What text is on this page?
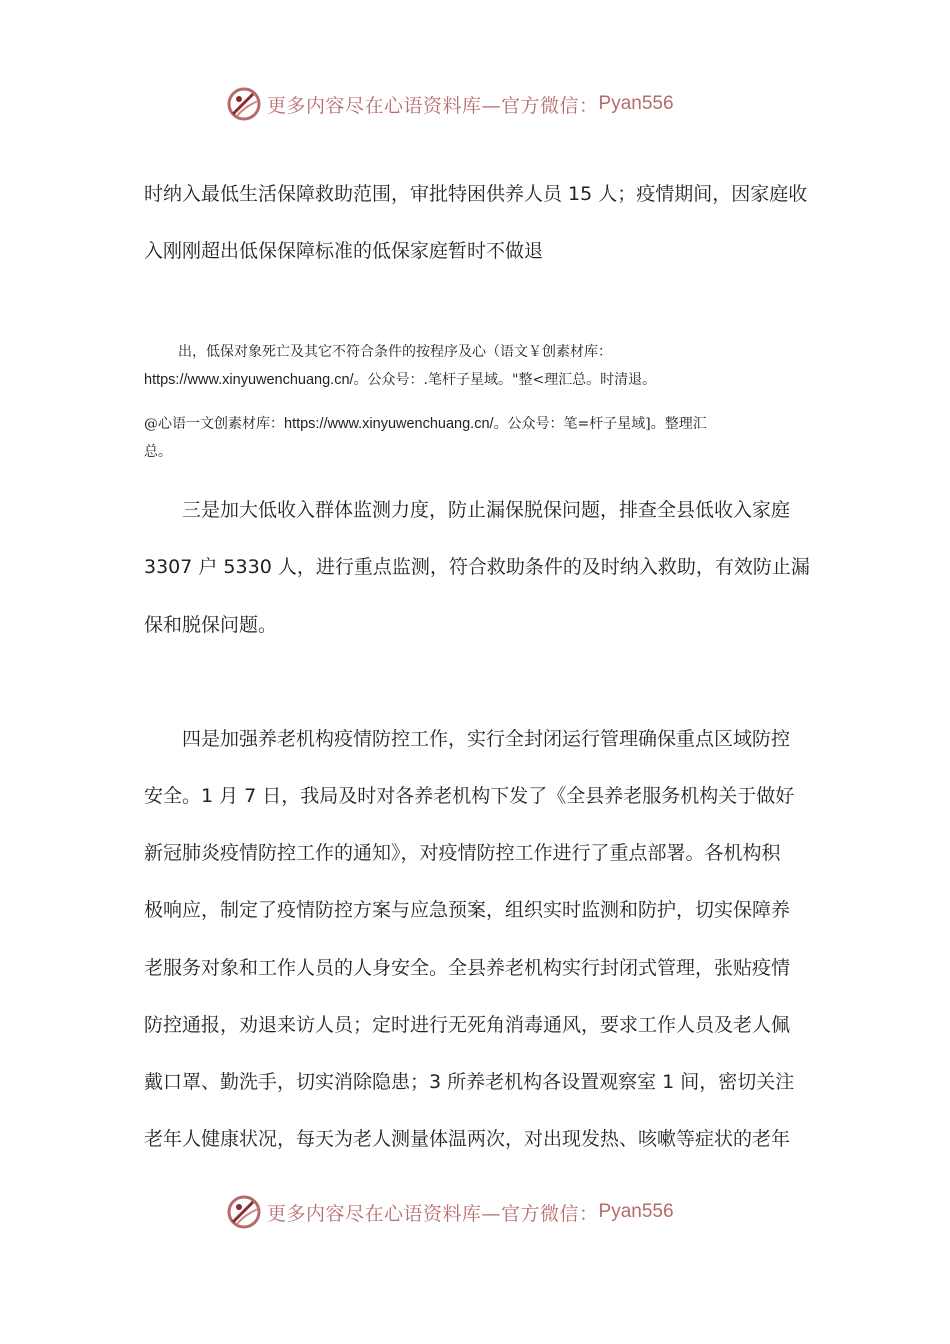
更多内容尽在心语资料库—官方微信： Pyan556
时纳入最低生活保障救助范围，审批特困供养人员 15 人；疫情期间，因家庭收
入刚刚超出低保保障标准的低保家庭暂时不做退
出，低保对象死亡及其它不符合条件的按程序及心（语文￥创素材库：
https://www.xinyuwenchuang.cn/。公众号：.笔杆子星域。"整<理汇总。时清退。
@心语一文创素材库：https://www.xinyuwenchuang.cn/。公众号：笔=杆子星域]。整理汇
总。
三是加大低收入群体监测力度，防止漏保脱保问题，排查全县低收入家庭
3307 户 5330 人，进行重点监测，符合救助条件的及时纳入救助，有效防止漏
保和脱保问题。
四是加强养老机构疫情防控工作，实行全封闭运行管理确保重点区域防控
安全。1 月 7 日，我局及时对各养老机构下发了《全县养老服务机构关于做好
新冠肺炎疫情防控工作的通知》，对疫情防控工作进行了重点部署。各机构积
极响应，制定了疫情防控方案与应急预案，组织实时监测和防护，切实保障养
老服务对象和工作人员的人身安全。全县养老机构实行封闭式管理，张贴疫情
防控通报，劝退来访人员；定时进行无死角消毒通风，要求工作人员及老人佩
戴口罩、勤洗手，切实消除隐患；3 所养老机构各设置观察室 1 间，密切关注
老年人健康状况，每天为老人测量体温两次，对出现发热、咳嗽等症状的老年
更多内容尽在心语资料库—官方微信： Pyan556
